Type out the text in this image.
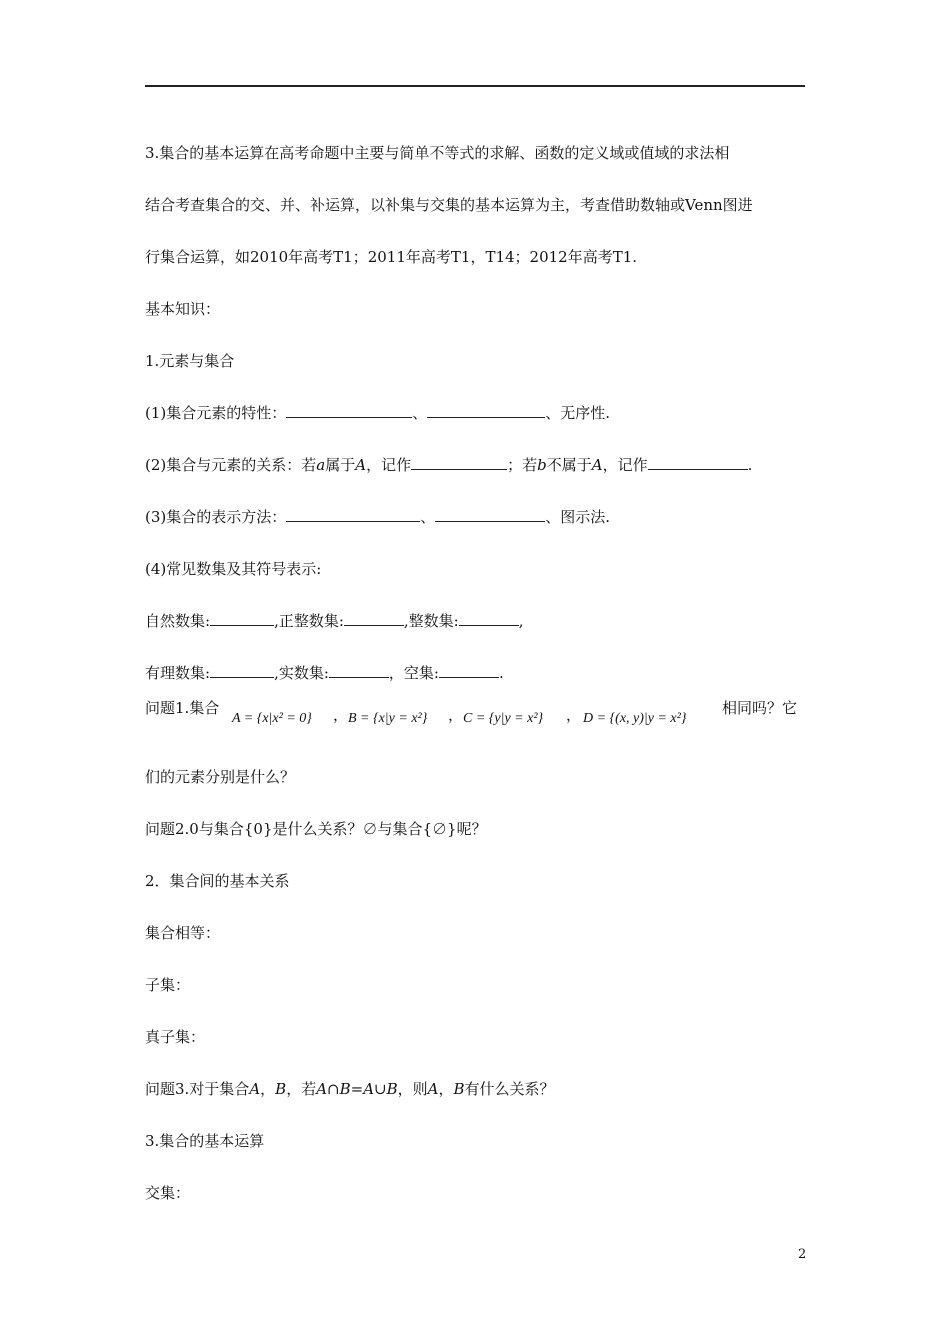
3.集合的基本运算在高考命题中主要与简单不等式的求解、函数的定义域或值域的求法相
结合考查集合的交、并、补运算，以补集与交集的基本运算为主，考查借助数轴或Venn图进
行集合运算，如2010年高考T1；2011年高考T1，T14；2012年高考T1.
基本知识：
1.元素与集合
(1)集合元素的特性：	、	、无序性.
(2)集合与元素的关系：若a属于A，记作	；若b不属于A，记作	.
(3)集合的表示方法：	、	、图示法.
(4)常见数集及其符号表示:
自然数集:	,正整数集:	,整数集:	,
有理数集:	,实数集:	，空集:	.
问题1.集合
A = {x|x² = 0} ， B = {x|y = x²} ， C = {y|y = x²} ， D = {(x, y)|y = x²}
相同吗？它
们的元素分别是什么？
问题2.0与集合{0}是什么关系？∅与集合{∅}呢？
2．集合间的基本关系
集合相等：
子集：
真子集：
问题3.对于集合A，B，若A∩B=A∪B，则A，B有什么关系？
3.集合的基本运算
交集：
2
